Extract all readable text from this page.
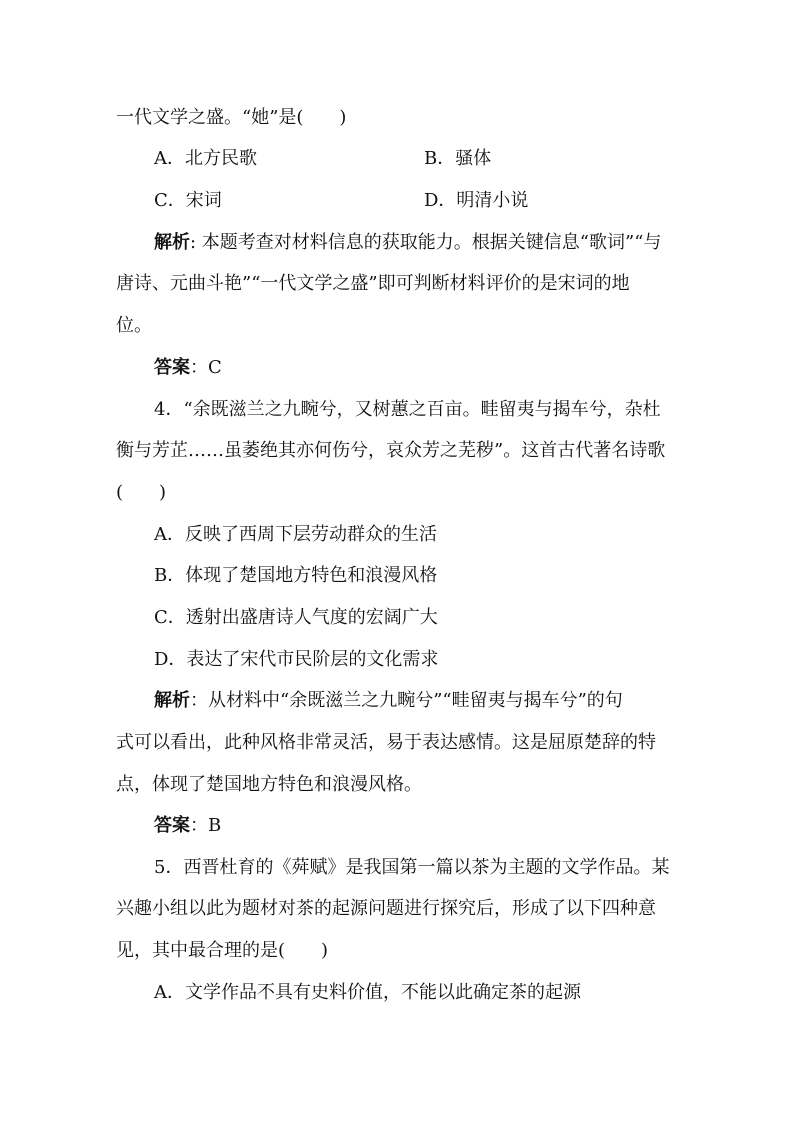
一代文学之盛。“她”是(　　)
A．北方民歌	B．骚体
C．宋词	D．明清小说
解析: 本题考查对材料信息的获取能力。根据关键信息“歌词”“与
唐诗、元曲斗艳”“一代文学之盛”即可判断材料评价的是宋词的地
位。
答案：C
4．“余既滋兰之九畹兮，又树蕙之百亩。畦留夷与揭车兮，杂杜
衡与芳芷……虽萎绝其亦何伤兮，哀众芳之芜秽”。这首古代著名诗歌
(　　)
A．反映了西周下层劳动群众的生活
B．体现了楚国地方特色和浪漫风格
C．透射出盛唐诗人气度的宏阔广大
D．表达了宋代市民阶层的文化需求
解析：从材料中“余既滋兰之九畹兮”“畦留夷与揭车兮”的句
式可以看出，此种风格非常灵活，易于表达感情。这是屈原楚辞的特
点，体现了楚国地方特色和浪漫风格。
答案：B
5．西晋杜育的《荈赋》是我国第一篇以茶为主题的文学作品。某
兴趣小组以此为题材对茶的起源问题进行探究后，形成了以下四种意
见，其中最合理的是(　　)
A．文学作品不具有史料价值，不能以此确定茶的起源
